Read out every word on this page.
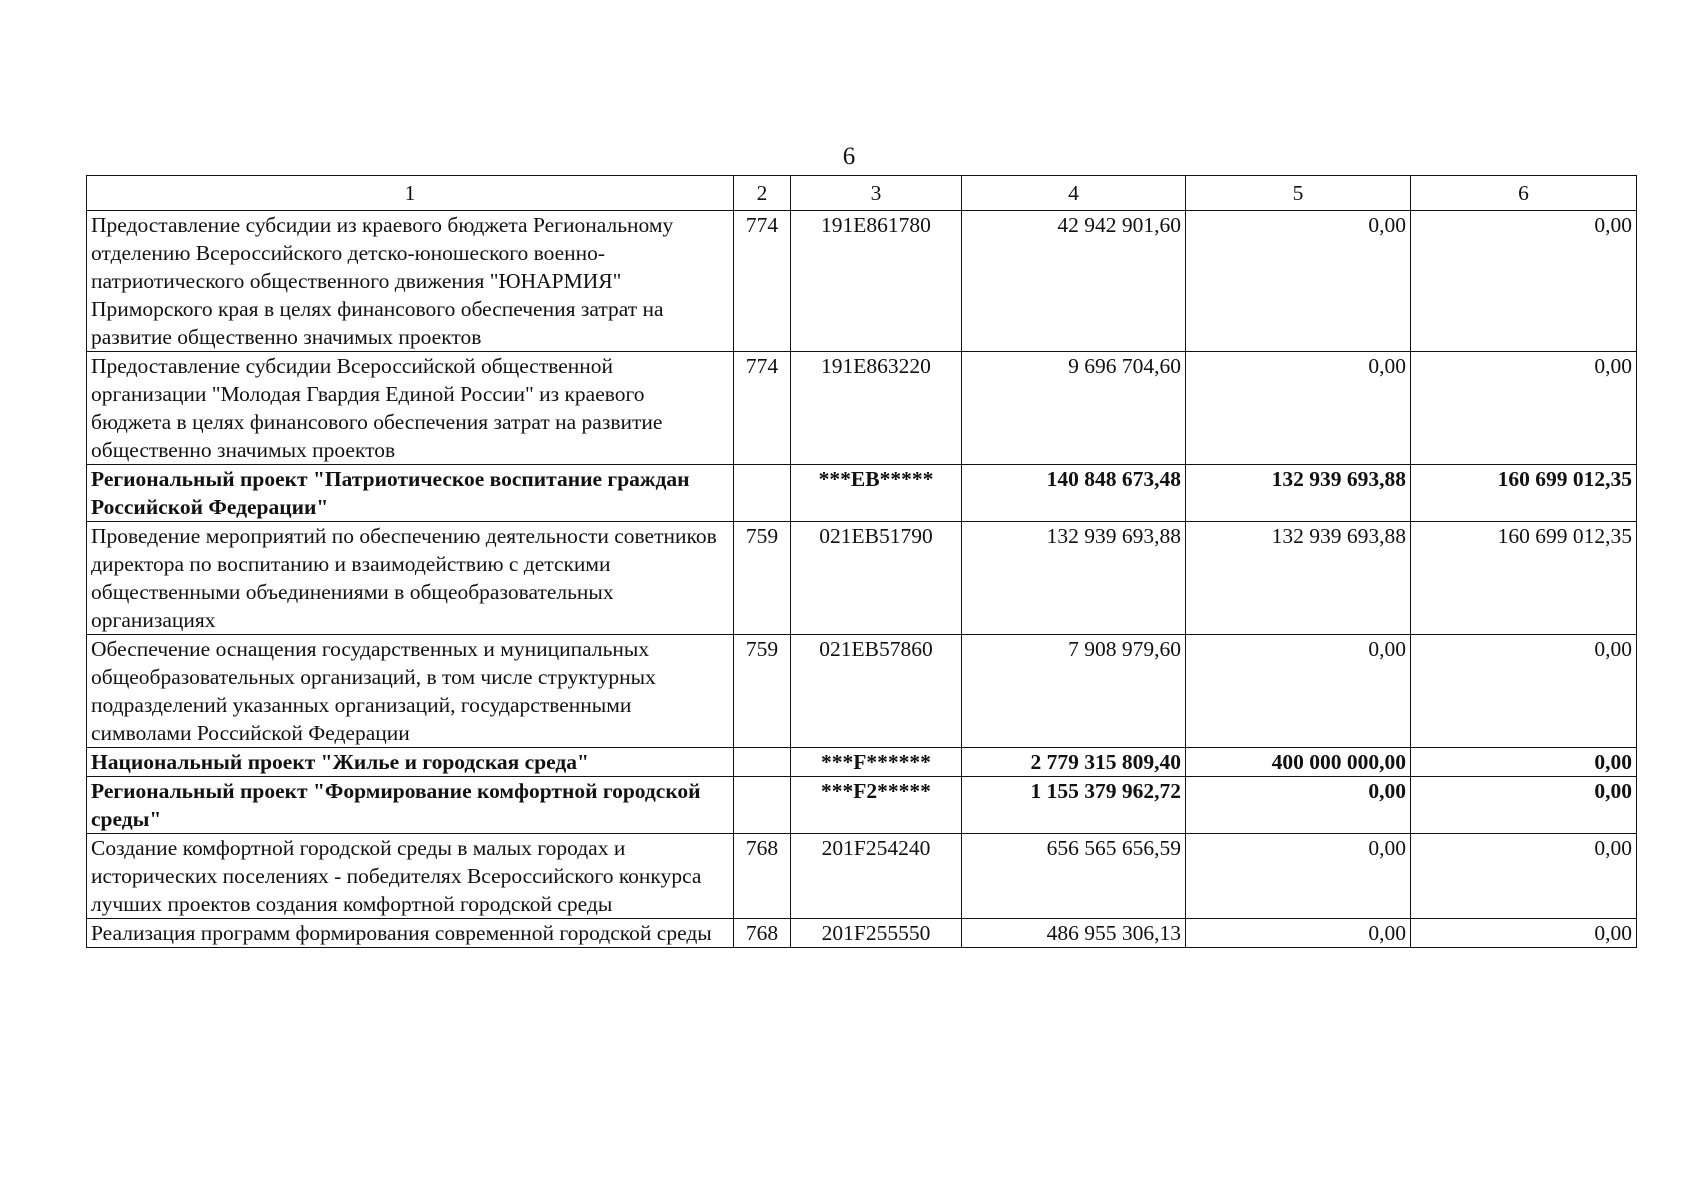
6
1	2	3	4	5	6
Предоставление субсидии из краевого бюджета Региональному отделению Всероссийского детско-юношеского военно-патриотического общественного движения "ЮНАРМИЯ" Приморского края в целях финансового обеспечения затрат на развитие общественно значимых проектов	774	191E861780	42 942 901,60	0,00	0,00
Предоставление субсидии Всероссийской общественной организации "Молодая Гвардия Единой России" из краевого бюджета в целях финансового обеспечения затрат на развитие общественно значимых проектов	774	191E863220	9 696 704,60	0,00	0,00
Региональный проект "Патриотическое воспитание граждан Российской Федерации"		***EB*****	140 848 673,48	132 939 693,88	160 699 012,35
Проведение мероприятий по обеспечению деятельности советников директора по воспитанию и взаимодействию с детскими общественными объединениями в общеобразовательных организациях	759	021EB51790	132 939 693,88	132 939 693,88	160 699 012,35
Обеспечение оснащения государственных и муниципальных общеобразовательных организаций, в том числе структурных подразделений указанных организаций, государственными символами Российской Федерации	759	021EB57860	7 908 979,60	0,00	0,00
Национальный проект "Жилье и городская среда"		***F******	2 779 315 809,40	400 000 000,00	0,00
Региональный проект "Формирование комфортной городской среды"		***F2*****	1 155 379 962,72	0,00	0,00
Создание комфортной городской среды в малых городах и исторических поселениях - победителях Всероссийского конкурса лучших проектов создания комфортной городской среды	768	201F254240	656 565 656,59	0,00	0,00
Реализация программ формирования современной городской среды	768	201F255550	486 955 306,13	0,00	0,00
